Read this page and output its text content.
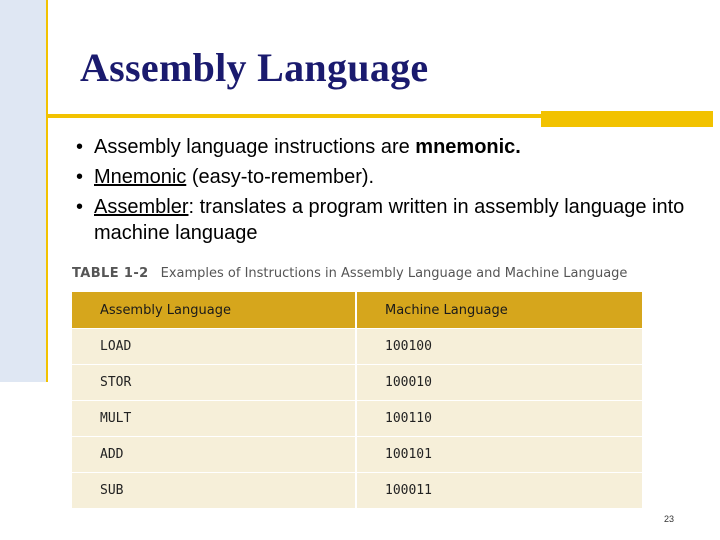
Assembly Language
• Assembly language instructions are mnemonic.
• Mnemonic (easy-to-remember).
• Assembler: translates a program written in assembly language into machine language
TABLE 1-2 Examples of Instructions in Assembly Language and Machine Language
Assembly Language	Machine Language
LOAD	100100
STOR	100010
MULT	100110
ADD	100101
SUB	100011
23
